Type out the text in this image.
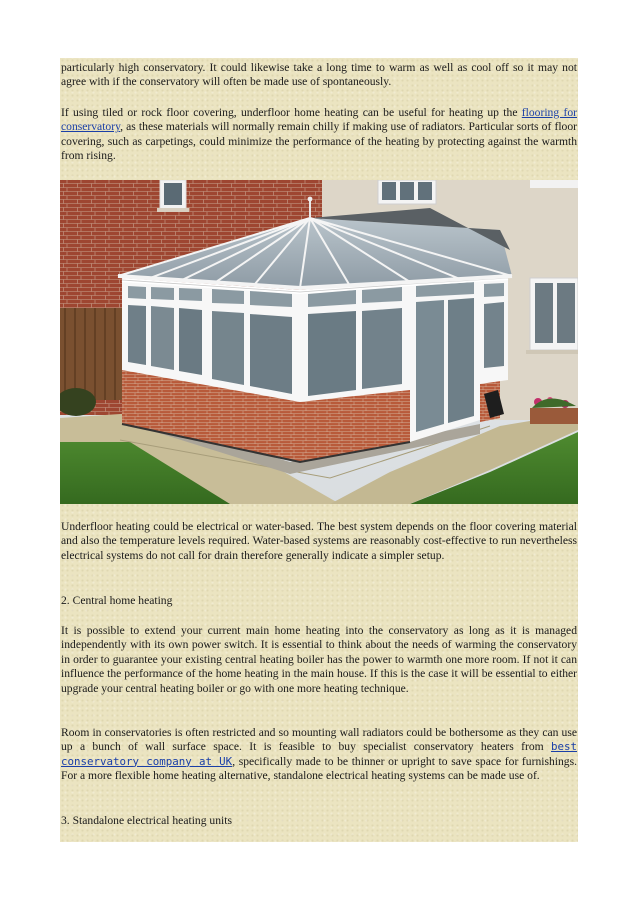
particularly high conservatory. It could likewise take a long time to warm as well as cool off so it may not agree with if the conservatory will often be made use of spontaneously.

If using tiled or rock floor covering, underfloor home heating can be useful for heating up the flooring for conservatory, as these materials will normally remain chilly if making use of radiators. Particular sorts of floor covering, such as carpetings, could minimize the performance of the heating by protecting against the warmth from rising.

Underfloor heating could be electrical or water-based. The best system depends on the floor covering material and also the temperature levels required. Water-based systems are reasonably cost-effective to run nevertheless electrical systems do not call for drain therefore generally indicate a simpler setup.

2. Central home heating

It is possible to extend your current main home heating into the conservatory as long as it is managed independently with its own power switch. It is essential to think about the needs of warming the conservatory in order to guarantee your existing central heating boiler has the power to warmth one more room. If not it can influence the performance of the home heating in the main house. If this is the case it will be essential to either upgrade your central heating boiler or go with one more heating technique.

Room in conservatories is often restricted and so mounting wall radiators could be bothersome as they can use up a bunch of wall surface space. It is feasible to buy specialist conservatory heaters from best conservatory company at UK, specifically made to be thinner or upright to save space for furnishings. For a more flexible home heating alternative, standalone electrical heating systems can be made use of.

3. Standalone electrical heating units
